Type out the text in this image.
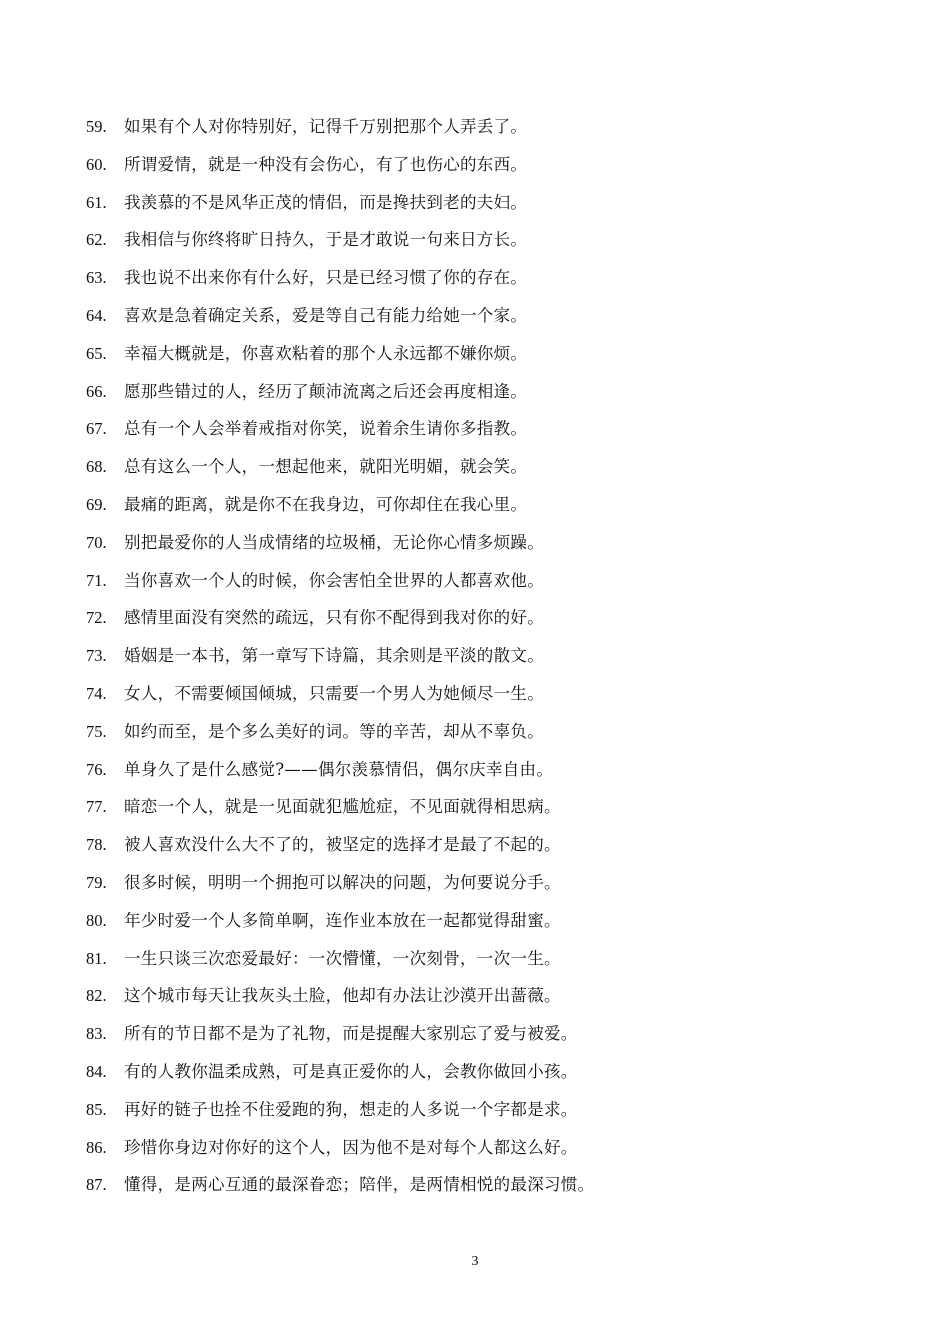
59.	如果有个人对你特别好，记得千万别把那个人弄丢了。
60.	所谓爱情，就是一种没有会伤心，有了也伤心的东西。
61.	我羡慕的不是风华正茂的情侣，而是搀扶到老的夫妇。
62.	我相信与你终将旷日持久，于是才敢说一句来日方长。
63.	我也说不出来你有什么好，只是已经习惯了你的存在。
64.	喜欢是急着确定关系，爱是等自己有能力给她一个家。
65.	幸福大概就是，你喜欢粘着的那个人永远都不嫌你烦。
66.	愿那些错过的人，经历了颠沛流离之后还会再度相逢。
67.	总有一个人会举着戒指对你笑，说着余生请你多指教。
68.	总有这么一个人，一想起他来，就阳光明媚，就会笑。
69.	最痛的距离，就是你不在我身边，可你却住在我心里。
70.	别把最爱你的人当成情绪的垃圾桶，无论你心情多烦躁。
71.	当你喜欢一个人的时候，你会害怕全世界的人都喜欢他。
72.	感情里面没有突然的疏远，只有你不配得到我对你的好。
73.	婚姻是一本书，第一章写下诗篇，其余则是平淡的散文。
74.	女人，不需要倾国倾城，只需要一个男人为她倾尽一生。
75.	如约而至，是个多么美好的词。等的辛苦，却从不辜负。
76.	单身久了是什么感觉?——偶尔羡慕情侣，偶尔庆幸自由。
77.	暗恋一个人，就是一见面就犯尴尬症，不见面就得相思病。
78.	被人喜欢没什么大不了的，被坚定的选择才是最了不起的。
79.	很多时候，明明一个拥抱可以解决的问题，为何要说分手。
80.	年少时爱一个人多简单啊，连作业本放在一起都觉得甜蜜。
81.	一生只谈三次恋爱最好：一次懵懂，一次刻骨，一次一生。
82.	这个城市每天让我灰头土脸，他却有办法让沙漠开出蔷薇。
83.	所有的节日都不是为了礼物，而是提醒大家别忘了爱与被爱。
84.	有的人教你温柔成熟，可是真正爱你的人，会教你做回小孩。
85.	再好的链子也拴不住爱跑的狗，想走的人多说一个字都是求。
86.	珍惜你身边对你好的这个人，因为他不是对每个人都这么好。
87.	懂得，是两心互通的最深眷恋；陪伴，是两情相悦的最深习惯。
3
